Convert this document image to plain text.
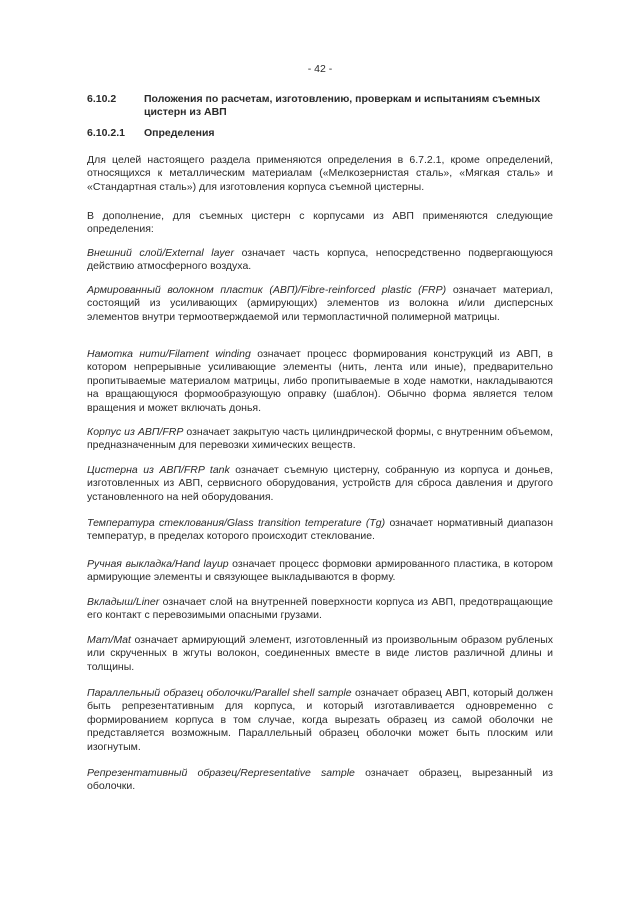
- 42 -
6.10.2	Положения по расчетам, изготовлению, проверкам и испытаниям съемных цистерн из АВП
6.10.2.1	Определения
Для целей настоящего раздела применяются определения в 6.7.2.1, кроме определений, относящихся к металлическим материалам («Мелкозернистая сталь», «Мягкая сталь» и «Стандартная сталь») для изготовления корпуса съемной цистерны.
В дополнение, для съемных цистерн с корпусами из АВП применяются следующие определения:
Внешний слой/External layer означает часть корпуса, непосредственно подвергающуюся действию атмосферного воздуха.
Армированный волокном пластик (АВП)/Fibre-reinforced plastic (FRP) означает материал, состоящий из усиливающих (армирующих) элементов из волокна и/или дисперсных элементов внутри термоотверждаемой или термопластичной полимерной матрицы.
Намотка нити/Filament winding означает процесс формирования конструкций из АВП, в котором непрерывные усиливающие элементы (нить, лента или иные), предварительно пропитываемые материалом матрицы, либо пропитываемые в ходе намотки, накладываются на вращающуюся формообразующую оправку (шаблон). Обычно форма является телом вращения и может включать донья.
Корпус из АВП/FRP означает закрытую часть цилиндрической формы, с внутренним объемом, предназначенным для перевозки химических веществ.
Цистерна из АВП/FRP tank означает съемную цистерну, собранную из корпуса и доньев, изготовленных из АВП, сервисного оборудования, устройств для сброса давления и другого установленного на ней оборудования.
Температура стеклования/Glass transition temperature (Tg) означает нормативный диапазон температур, в пределах которого происходит стеклование.
Ручная выкладка/Hand layup означает процесс формовки армированного пластика, в котором армирующие элементы и связующее выкладываются в форму.
Вкладыш/Liner означает слой на внутренней поверхности корпуса из АВП, предотвращающие его контакт с перевозимыми опасными грузами.
Мат/Mat означает армирующий элемент, изготовленный из произвольным образом рубленых или скрученных в жгуты волокон, соединенных вместе в виде листов различной длины и толщины.
Параллельный образец оболочки/Parallel shell sample означает образец АВП, который должен быть репрезентативным для корпуса, и который изготавливается одновременно с формированием корпуса в том случае, когда вырезать образец из самой оболочки не представляется возможным. Параллельный образец оболочки может быть плоским или изогнутым.
Репрезентативный образец/Representative sample означает образец, вырезанный из оболочки.
